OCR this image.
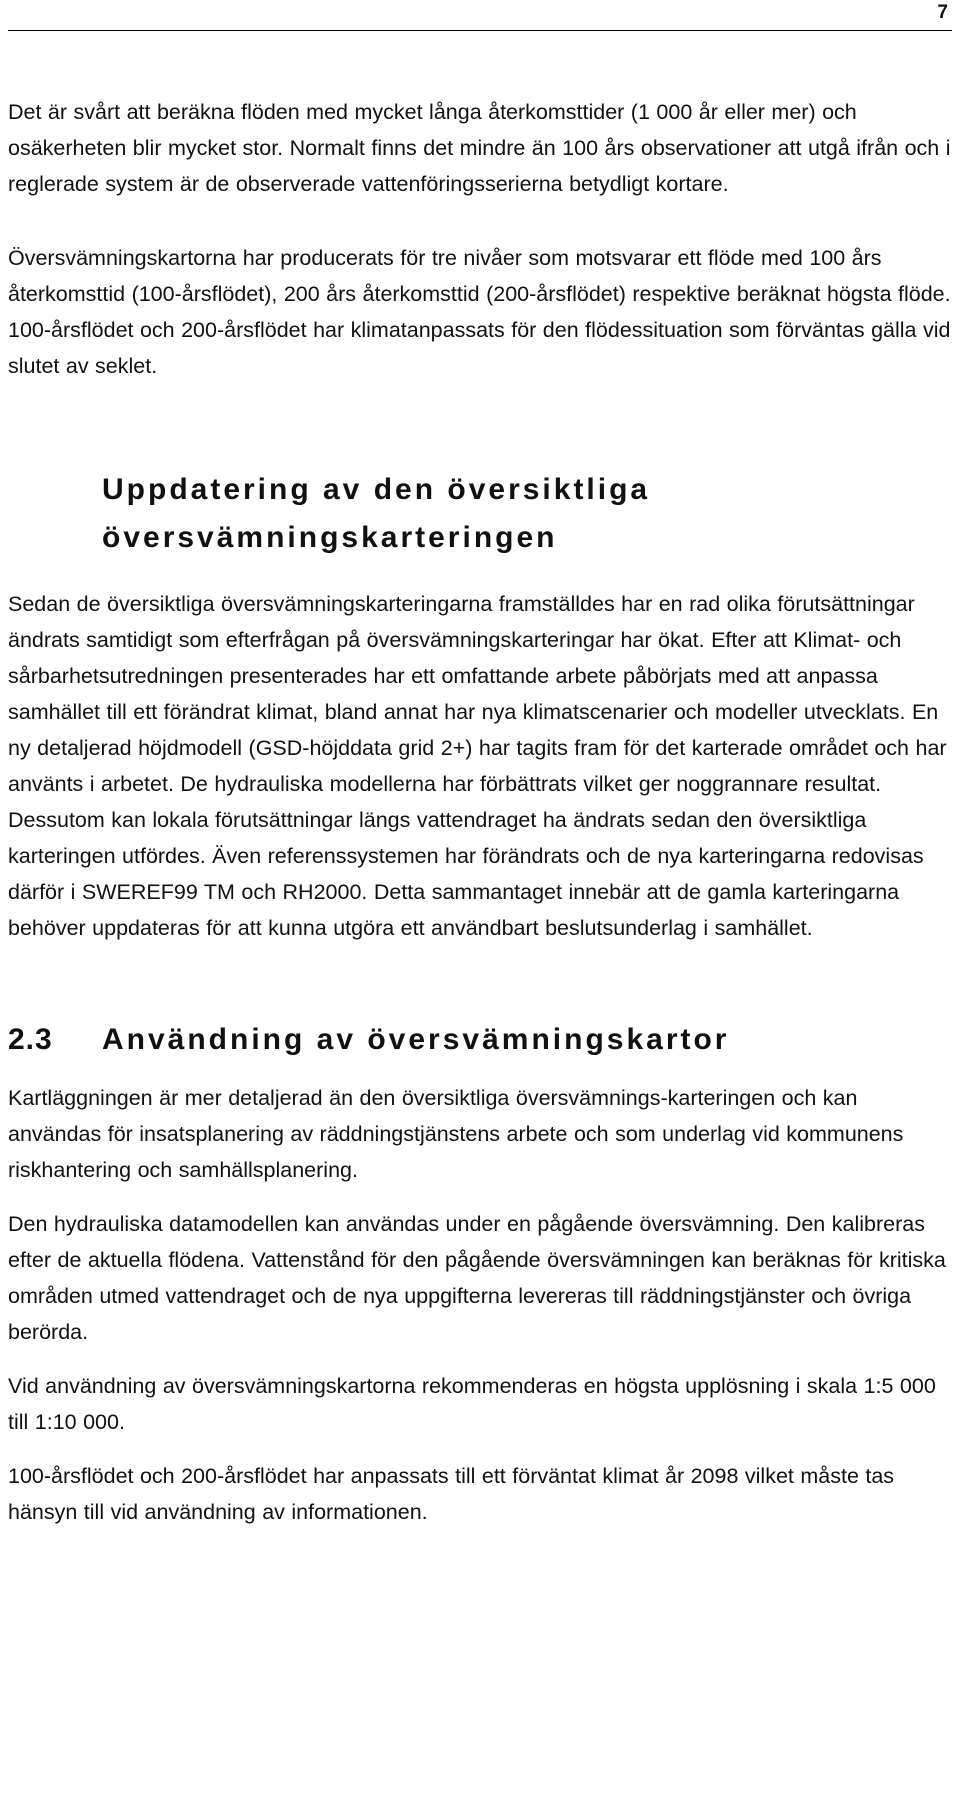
7

Det är svårt att beräkna flöden med mycket långa återkomsttider (1 000 år eller mer) och osäkerheten blir mycket stor. Normalt finns det mindre än 100 års observationer att utgå ifrån och i reglerade system är de observerade vattenföringsserierna betydligt kortare.

Översvämningskartorna har producerats för tre nivåer som motsvarar ett flöde med 100 års återkomsttid (100-årsflödet), 200 års återkomsttid (200-årsflödet) respektive beräknat högsta flöde. 100-årsflödet och 200-årsflödet har klimatanpassats för den flödessituation som förväntas gälla vid slutet av seklet.

Uppdatering av den översiktliga översvämningskarteringen

Sedan de översiktliga översvämningskarteringarna framställdes har en rad olika förutsättningar ändrats samtidigt som efterfrågan på översvämningskarteringar har ökat. Efter att Klimat- och sårbarhetsutredningen presenterades har ett omfattande arbete påbörjats med att anpassa samhället till ett förändrat klimat, bland annat har nya klimatscenarier och modeller utvecklats. En ny detaljerad höjdmodell (GSD-höjddata grid 2+) har tagits fram för det karterade området och har använts i arbetet. De hydrauliska modellerna har förbättrats vilket ger noggrannare resultat. Dessutom kan lokala förutsättningar längs vattendraget ha ändrats sedan den översiktliga karteringen utfördes. Även referenssystemen har förändrats och de nya karteringarna redovisas därför i SWEREF99 TM och RH2000. Detta sammantaget innebär att de gamla karteringarna behöver uppdateras för att kunna utgöra ett användbart beslutsunderlag i samhället.

2.3 Användning av översvämningskartor

Kartläggningen är mer detaljerad än den översiktliga översvämnings-karteringen och kan användas för insatsplanering av räddningstjänstens arbete och som underlag vid kommunens riskhantering och samhällsplanering.

Den hydrauliska datamodellen kan användas under en pågående översvämning. Den kalibreras efter de aktuella flödena. Vattenstånd för den pågående översvämningen kan beräknas för kritiska områden utmed vattendraget och de nya uppgifterna levereras till räddningstjänster och övriga berörda.

Vid användning av översvämningskartorna rekommenderas en högsta upplösning i skala 1:5 000 till 1:10 000.

100-årsflödet och 200-årsflödet har anpassats till ett förväntat klimat år 2098 vilket måste tas hänsyn till vid användning av informationen.
